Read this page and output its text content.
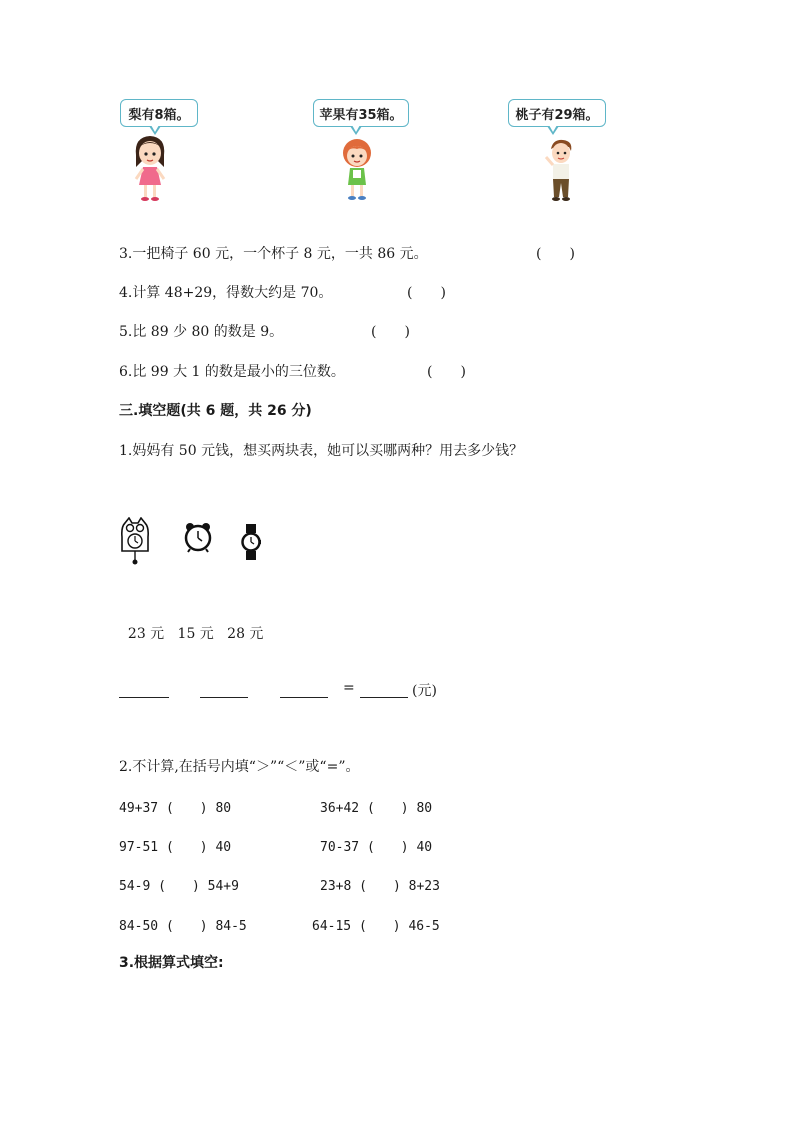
梨有8箱。	苹果有35箱。	桃子有29箱。
3.一把椅子 60 元，一个杯子 8 元，一共 86 元。	(　　)
4.计算 48+29，得数大约是 70。	(　　)
5.比 89 少 80 的数是 9。	(　　)
6.比 99 大 1 的数是最小的三位数。	(　　)
三.填空题(共 6 题，共 26 分)
1.妈妈有 50 元钱，想买两块表，她可以买哪两种？用去多少钱？

23 元 15 元 28 元

=	(元)
2.不计算,在括号内填“＞”“＜”或“=”。
49+37 (　　) 80	36+42 (　　) 80
97-51 (　　) 40	70-37 (　　) 40
54-9 (　　) 54+9	23+8 (　　) 8+23
84-50 (　　) 84-5	64-15 (　　) 46-5
3.根据算式填空:
